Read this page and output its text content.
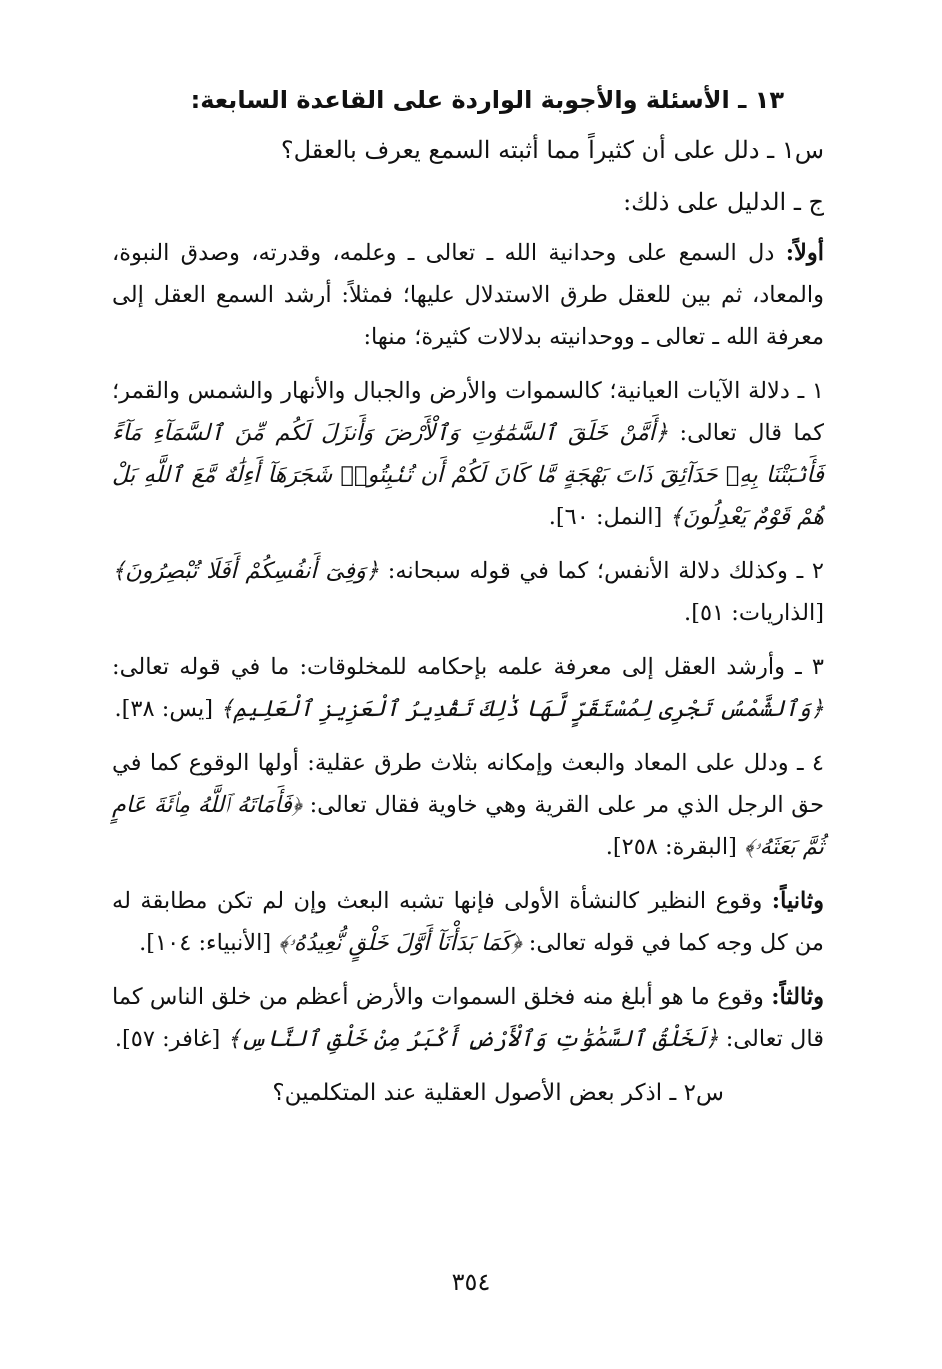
١٣ ـ الأسئلة والأجوبة الواردة على القاعدة السابعة:
س١ ـ دلل على أن كثيراً مما أثبته السمع يعرف بالعقل؟
ج ـ الدليل على ذلك:

أولاً: دل السمع على وحدانية الله ـ تعالى ـ وعلمه، وقدرته، وصدق النبوة، والمعاد، ثم بين للعقل طرق الاستدلال عليها؛ فمثلاً: أرشد السمع العقل إلى معرفة الله ـ تعالى ـ ووحدانيته بدلالات كثيرة؛ منها:

١ ـ دلالة الآيات العيانية؛ كالسموات والأرض والجبال والأنهار والشمس والقمر؛ كما قال تعالى: ﴿أَمَّنْ خَلَقَ ٱلسَّمَٰوَٰتِ وَٱلْأَرْضَ وَأَنزَلَ لَكُم مِّنَ ٱلسَّمَآءِ مَآءً فَأَنۢبَتْنَا بِهِۦ حَدَآئِقَ ذَاتَ بَهْجَةٍ مَّا كَانَ لَكُمْ أَن تُنۢبِتُوا۟ شَجَرَهَآ أَءِلَٰهٌ مَّعَ ٱللَّهِ بَلْ هُمْ قَوْمٌ يَعْدِلُونَ﴾ [النمل: ٦٠].

٢ ـ وكذلك دلالة الأنفس؛ كما في قوله سبحانه: ﴿وَفِىٓ أَنفُسِكُمْ أَفَلَا تُبْصِرُونَ﴾ [الذاريات: ٥١].

٣ ـ وأرشد العقل إلى معرفة علمه بإحكامه للمخلوقات: ما في قوله تعالى: ﴿وَٱلشَّمْسُ تَجْرِى لِمُسْتَقَرٍّ لَّهَا ذَٰلِكَ تَقْدِيرُ ٱلْعَزِيزِ ٱلْعَلِيمِ﴾ [يس: ٣٨].

٤ ـ ودلل على المعاد والبعث وإمكانه بثلاث طرق عقلية: أولها الوقوع كما في حق الرجل الذي مر على القرية وهي خاوية فقال تعالى: ﴿فَأَمَاتَهُ ٱللَّهُ مِا۟ئَةَ عَامٍ ثُمَّ بَعَثَهُۥ﴾ [البقرة: ٢٥٨].

وثانياً: وقوع النظير كالنشأة الأولى فإنها تشبه البعث وإن لم تكن مطابقة له من كل وجه كما في قوله تعالى: ﴿كَمَا بَدَأْنَآ أَوَّلَ خَلْقٍ نُّعِيدُهُۥ﴾ [الأنبياء: ١٠٤].

وثالثاً: وقوع ما هو أبلغ منه فخلق السموات والأرض أعظم من خلق الناس كما قال تعالى: ﴿لَخَلْقُ ٱلسَّمَٰوَٰتِ وَٱلْأَرْضِ أَكْبَرُ مِنْ خَلْقِ ٱلنَّاسِ﴾ [غافر: ٥٧].

س٢ ـ اذكر بعض الأصول العقلية عند المتكلمين؟
٣٥٤
